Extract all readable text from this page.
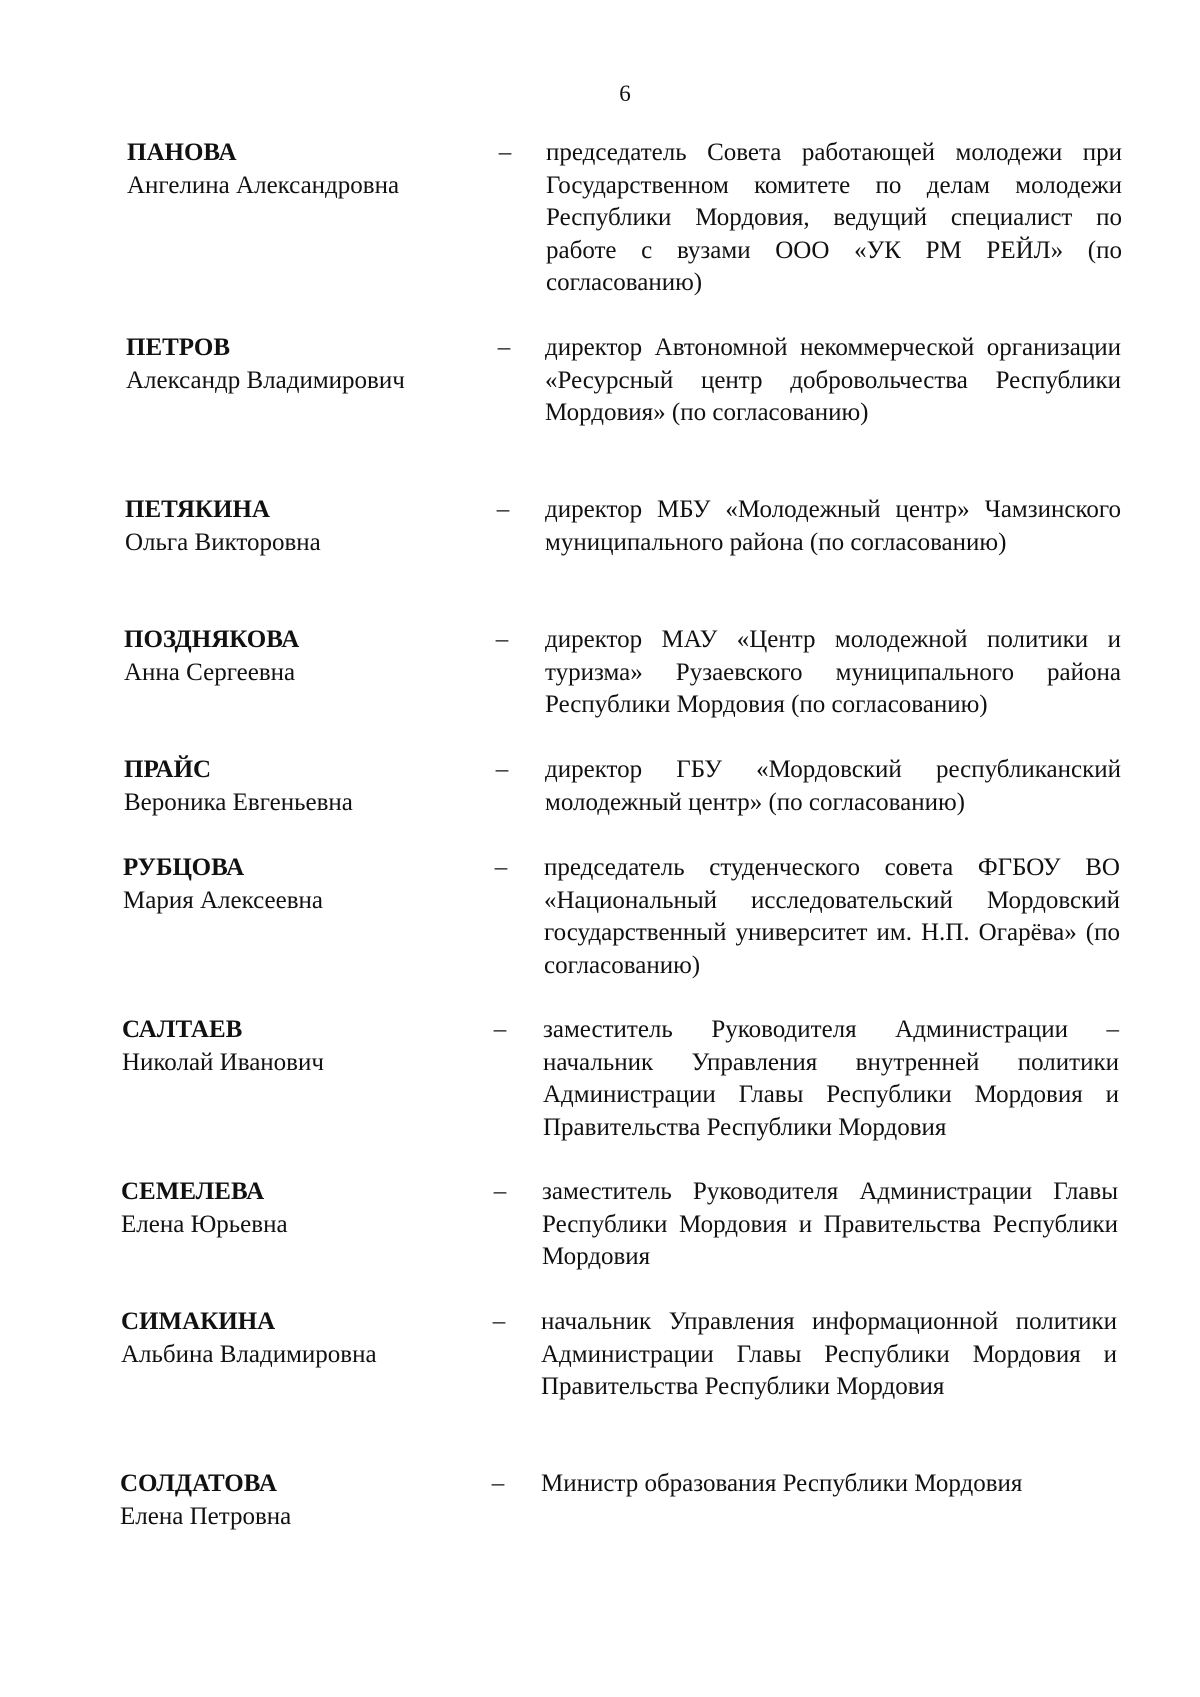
6
ПАНОВА
Ангелина Александровна
– председатель Совета работающей молодежи при Государственном комитете по делам молодежи Республики Мордовия, ведущий специалист по работе с вузами ООО «УК РМ РЕЙЛ» (по согласованию)
ПЕТРОВ
Александр Владимирович
– директор Автономной некоммерческой организации «Ресурсный центр добровольчества Республики Мордовия» (по согласованию)
ПЕТЯКИНА
Ольга Викторовна
– директор МБУ «Молодежный центр» Чамзинского муниципального района (по согласованию)
ПОЗДНЯКОВА
Анна Сергеевна
– директор МАУ «Центр молодежной политики и туризма» Рузаевского муниципального района Республики Мордовия (по согласованию)
ПРАЙС
Вероника Евгеньевна
– директор ГБУ «Мордовский республиканский молодежный центр» (по согласованию)
РУБЦОВА
Мария Алексеевна
– председатель студенческого совета ФГБОУ ВО «Национальный исследовательский Мордовский государственный университет им. Н.П. Огарёва» (по согласованию)
САЛТАЕВ
Николай Иванович
– заместитель Руководителя Администрации – начальник Управления внутренней политики Администрации Главы Республики Мордовия и Правительства Республики Мордовия
СЕМЕЛЕВА
Елена Юрьевна
– заместитель Руководителя Администрации Главы Республики Мордовия и Правительства Республики Мордовия
СИМАКИНА
Альбина Владимировна
– начальник Управления информационной политики Администрации Главы Республики Мордовия и Правительства Республики Мордовия
СОЛДАТОВА
Елена Петровна
– Министр образования Республики Мордовия
